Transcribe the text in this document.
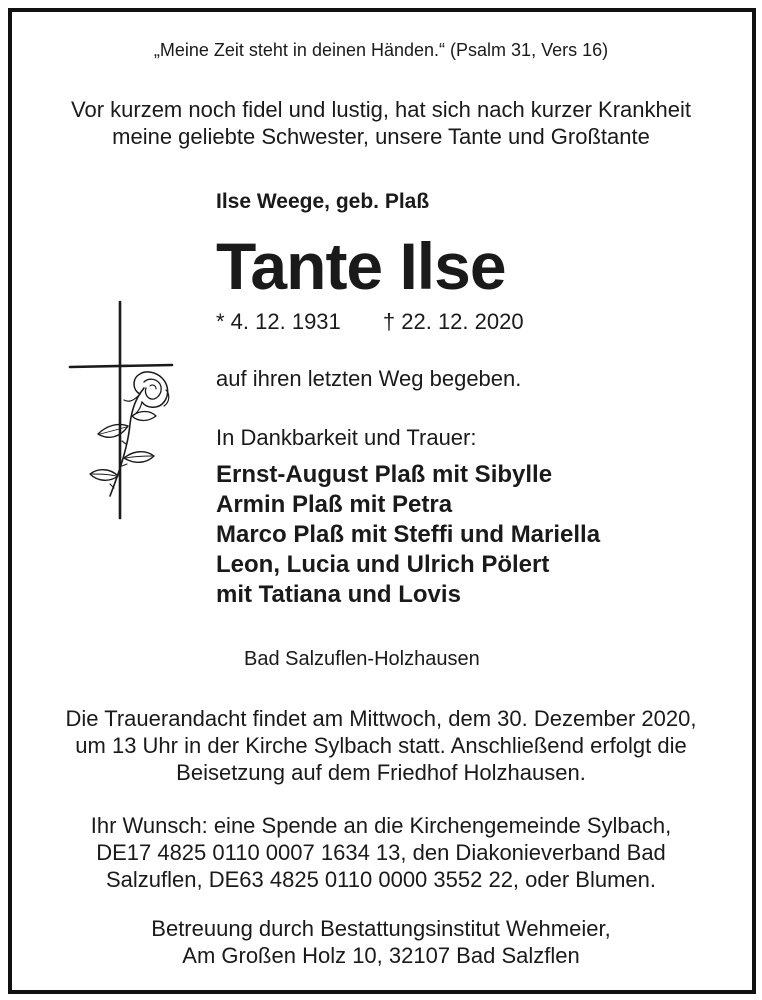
„Meine Zeit steht in deinen Händen.“ (Psalm 31, Vers 16)
Vor kurzem noch fidel und lustig, hat sich nach kurzer Krankheit
meine geliebte Schwester, unsere Tante und Großtante
Ilse Weege, geb. Plaß
Tante Ilse
* 4. 12. 1931 † 22. 12. 2020
auf ihren letzten Weg begeben.
In Dankbarkeit und Trauer:
Ernst-August Plaß mit Sibylle
Armin Plaß mit Petra
Marco Plaß mit Steffi und Mariella
Leon, Lucia und Ulrich Pölert
mit Tatiana und Lovis
Bad Salzuflen-Holzhausen
Die Trauerandacht findet am Mittwoch, dem 30. Dezember 2020,
um 13 Uhr in der Kirche Sylbach statt. Anschließend erfolgt die
Beisetzung auf dem Friedhof Holzhausen.
Ihr Wunsch: eine Spende an die Kirchengemeinde Sylbach,
DE17 4825 0110 0007 1634 13, den Diakonieverband Bad
Salzuflen, DE63 4825 0110 0000 3552 22, oder Blumen.
Betreuung durch Bestattungsinstitut Wehmeier,
Am Großen Holz 10, 32107 Bad Salzflen
